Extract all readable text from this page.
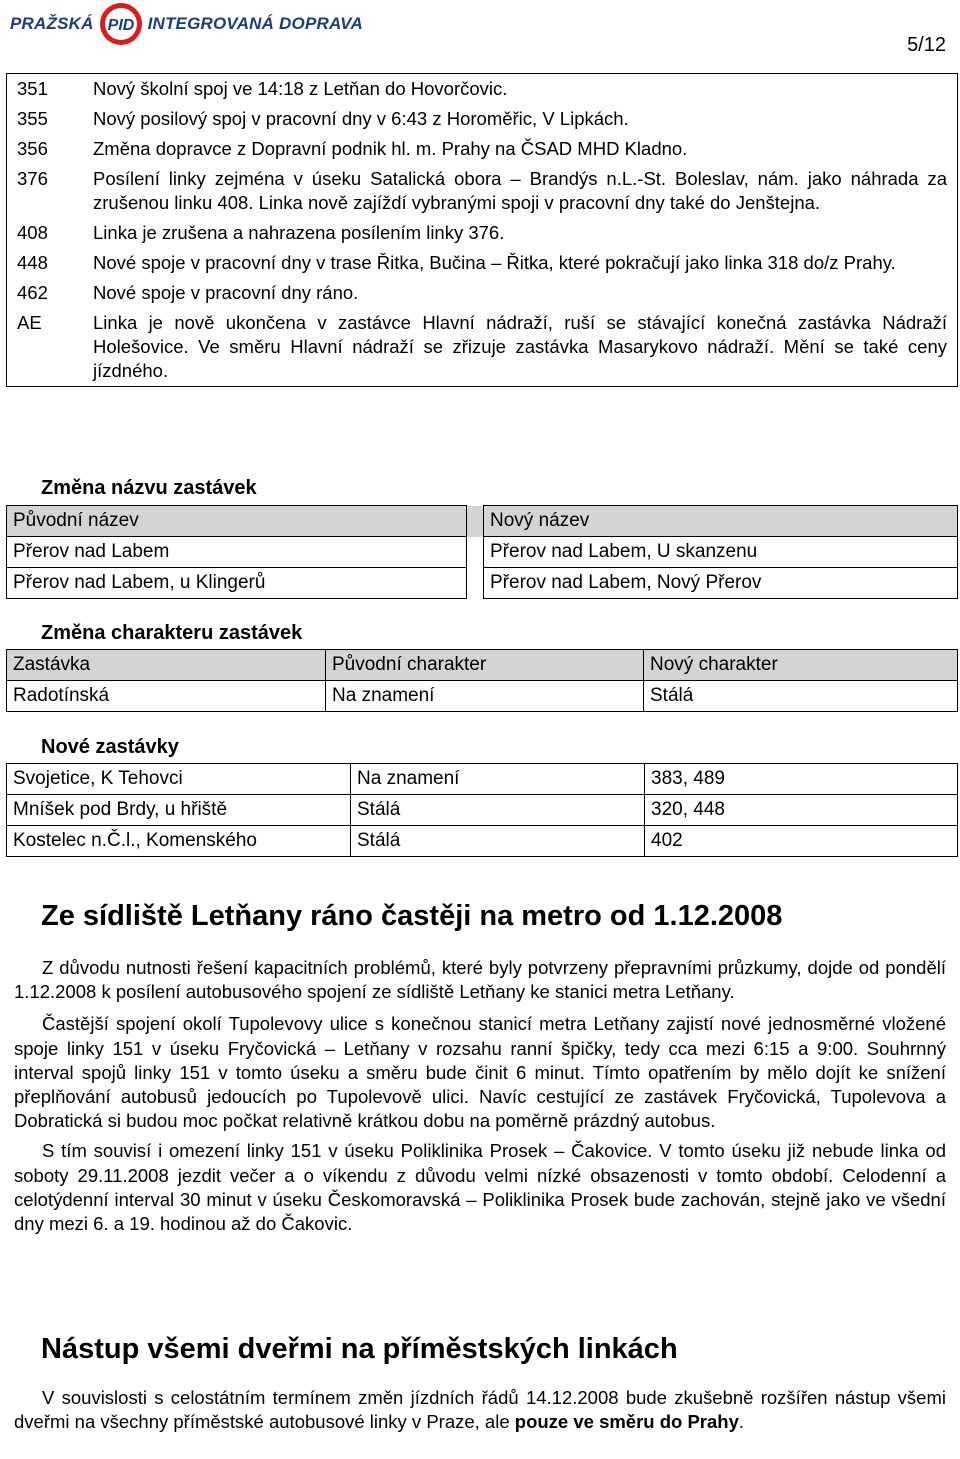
PRAŽSKÁ PID INTEGROVANÁ DOPRAVA
5/12
351	Nový školní spoj ve 14:18 z Letňan do Hovorčovic.
355	Nový posilový spoj v pracovní dny v 6:43 z Horoměřic, V Lipkách.
356	Změna dopravce z Dopravní podnik hl. m. Prahy na ČSAD MHD Kladno.
376	Posílení linky zejména v úseku Satalická obora – Brandýs n.L.-St. Boleslav, nám. jako náhrada za zrušenou linku 408. Linka nově zajíždí vybranými spoji v pracovní dny také do Jenštejna.
408	Linka je zrušena a nahrazena posílením linky 376.
448	Nové spoje v pracovní dny v trase Řitka, Bučina – Řitka, které pokračují jako linka 318 do/z Prahy.
462	Nové spoje v pracovní dny ráno.
AE	Linka je nově ukončena v zastávce Hlavní nádraží, ruší se stávající konečná zastávka Nádraží Holešovice. Ve směru Hlavní nádraží se zřizuje zastávka Masarykovo nádraží. Mění se také ceny jízdného.
Změna názvu zastávek
Původní název		Nový název
Přerov nad Labem		Přerov nad Labem, U skanzenu
Přerov nad Labem, u Klingerů		Přerov nad Labem, Nový Přerov
Změna charakteru zastávek
Zastávka	Původní charakter	Nový charakter
Radotínská	Na znamení	Stálá
Nové zastávky
Svojetice, K Tehovci	Na znamení	383, 489
Mníšek pod Brdy, u hřiště	Stálá	320, 448
Kostelec n.Č.l., Komenského	Stálá	402
Ze sídliště Letňany ráno častěji na metro od 1.12.2008

Z důvodu nutnosti řešení kapacitních problémů, které byly potvrzeny přepravními průzkumy, dojde od pondělí 1.12.2008 k posílení autobusového spojení ze sídliště Letňany ke stanici metra Letňany.

Častější spojení okolí Tupolevovy ulice s konečnou stanicí metra Letňany zajistí nové jednosměrné vložené spoje linky 151 v úseku Fryčovická – Letňany v rozsahu ranní špičky, tedy cca mezi 6:15 a 9:00. Souhrnný interval spojů linky 151 v tomto úseku a směru bude činit 6 minut. Tímto opatřením by mělo dojít ke snížení přeplňování autobusů jedoucích po Tupolevově ulici. Navíc cestující ze zastávek Fryčovická, Tupolevova a Dobratická si budou moc počkat relativně krátkou dobu na poměrně prázdný autobus.

S tím souvisí i omezení linky 151 v úseku Poliklinika Prosek – Čakovice. V tomto úseku již nebude linka od soboty 29.11.2008 jezdit večer a o víkendu z důvodu velmi nízké obsazenosti v tomto období. Celodenní a celotýdenní interval 30 minut v úseku Českomoravská – Poliklinika Prosek bude zachován, stejně jako ve všední dny mezi 6. a 19. hodinou až do Čakovic.

Nástup všemi dveřmi na příměstských linkách

V souvislosti s celostátním termínem změn jízdních řádů 14.12.2008 bude zkušebně rozšířen nástup všemi dveřmi na všechny příměstské autobusové linky v Praze, ale pouze ve směru do Prahy.
